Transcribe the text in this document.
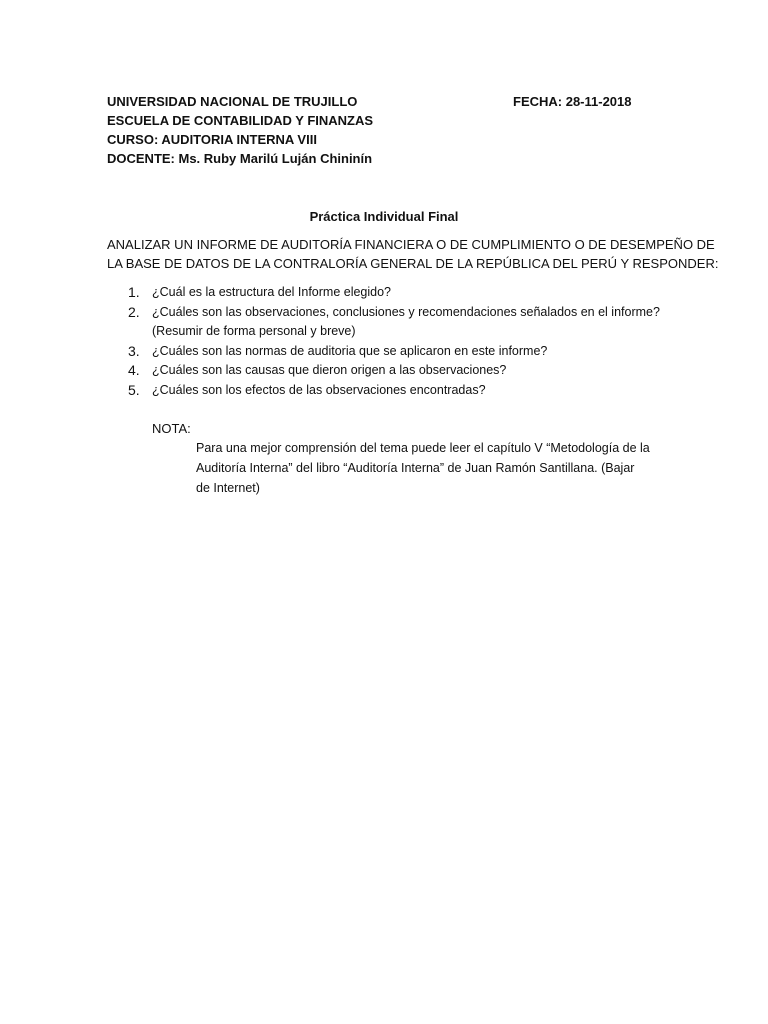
UNIVERSIDAD NACIONAL DE TRUJILLO
ESCUELA DE CONTABILIDAD Y FINANZAS
CURSO: AUDITORIA INTERNA VIII
DOCENTE: Ms. Ruby Marilú Luján Chininín
FECHA: 28-11-2018
Práctica Individual Final
ANALIZAR UN INFORME DE AUDITORÍA FINANCIERA O DE CUMPLIMIENTO O DE DESEMPEÑO DE
LA BASE DE DATOS DE LA CONTRALORÍA GENERAL DE LA REPÚBLICA DEL PERÚ Y RESPONDER:
1. ¿Cuál es la estructura del Informe elegido?
2. ¿Cuáles son las observaciones, conclusiones y recomendaciones señalados en el informe?
(Resumir de forma personal y breve)
3. ¿Cuáles son las normas de auditoria que se aplicaron en este informe?
4. ¿Cuáles son las causas que dieron origen a las observaciones?
5. ¿Cuáles son los efectos de las observaciones encontradas?
NOTA:
Para una mejor comprensión del tema puede leer el capítulo V “Metodología de la
Auditoría Interna” del libro “Auditoría Interna” de Juan Ramón Santillana. (Bajar
de Internet)
